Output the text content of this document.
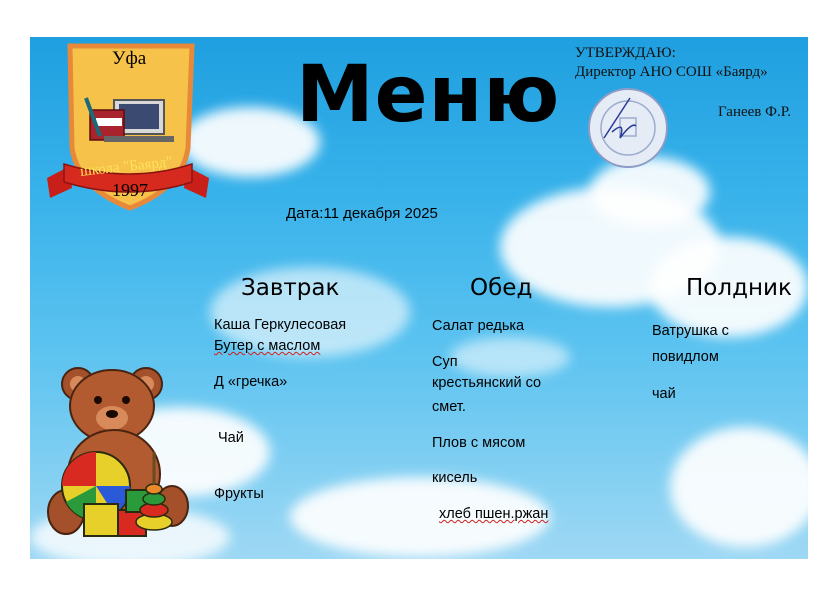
Уфа
школа "Баярд"
1997
Меню УТВЕРЖДАЮ:
Директор АНО СОШ «Баярд»
Ганеев Ф.Р.
Дата:11 декабря 2025
Завтрак
Каша Геркулесовая
Бутер с маслом
Д «гречка»
Чай
Фрукты
Обед
Салат редька
Суп
крестьянский со
смет.
Плов с мясом
кисель
хлеб пшен.ржан
Полдник
Ватрушка с
повидлом
чай
